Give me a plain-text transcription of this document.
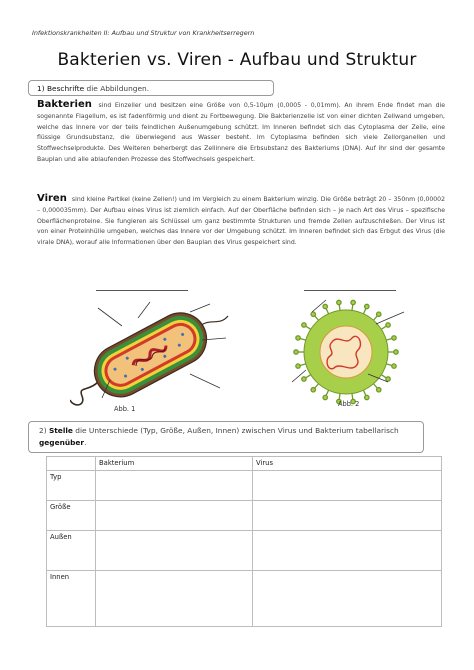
Infektionskrankheiten II: Aufbau und Struktur von Krankheitserregern
Bakterien vs. Viren - Aufbau und Struktur
1) Beschrifte die Abbildungen.
Bakterien sind Einzeller und besitzen eine Größe von 0,5-10µm (0,0005 - 0,01mm). An ihrem Ende findet man die sogenannte Flagellum, es ist fadenförmig und dient zu Fortbewegung. Die Bakterienzelle ist von einer dichten Zellwand umgeben, welche das Innere vor der teils feindlichen Außenumgebung schützt. Im Inneren befindet sich das Cytoplasma der Zelle, eine flüssige Grundsubstanz, die überwiegend aus Wasser besteht. Im Cytoplasma befinden sich viele Zellorganellen und Stoffwechselprodukte. Des Weiteren beherbergt das Zellinnere die Erbsubstanz des Bakteriums (DNA). Auf ihr sind der gesamte Bauplan und alle ablaufenden Prozesse des Stoffwechsels gespeichert.
Viren sind kleine Partikel (keine Zellen!) und im Vergleich zu einem Bakterium winzig. Die Größe beträgt 20 – 350nm (0,00002 – 0,000035mm). Der Aufbau eines Virus ist ziemlich einfach. Auf der Oberfläche befinden sich – je nach Art des Virus – spezifische Oberflächenproteine. Sie fungieren als Schlüssel um ganz bestimmte Strukturen und fremde Zellen aufzuschließen. Der Virus ist von einer Proteinhülle umgeben, welches das Innere vor der Umgebung schützt. Im Inneren befindet sich das Erbgut des Virus (die virale DNA), worauf alle Informationen über den Bauplan des Virus gespeichert sind.
Abb. 1
Abb. 2
2) Stelle die Unterschiede (Typ, Größe, Außen, Innen) zwischen Virus und Bakterium tabellarisch gegenüber.
	Bakterium	Virus
Typ		
Größe		
Außen		
Innen		
